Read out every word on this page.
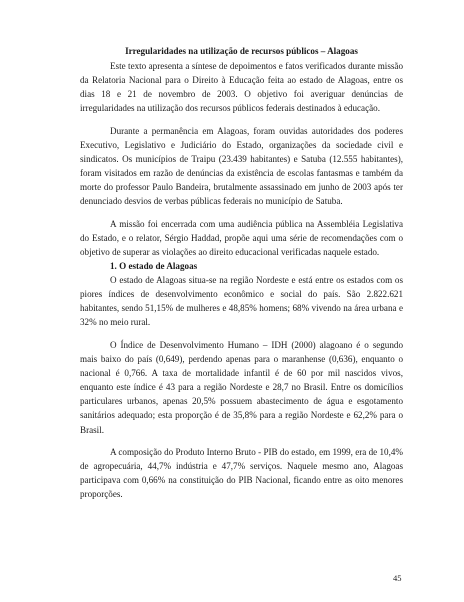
Irregularidades na utilização de recursos públicos – Alagoas

Este texto apresenta a síntese de depoimentos e fatos verificados durante missão da Relatoria Nacional para o Direito à Educação feita ao estado de Alagoas, entre os dias 18 e 21 de novembro de 2003. O objetivo foi averiguar denúncias de irregularidades na utilização dos recursos públicos federais destinados à educação.

Durante a permanência em Alagoas, foram ouvidas autoridades dos poderes Executivo, Legislativo e Judiciário do Estado, organizações da sociedade civil e sindicatos. Os municípios de Traipu (23.439 habitantes) e Satuba (12.555 habitantes), foram visitados em razão de denúncias da existência de escolas fantasmas e também da morte do professor Paulo Bandeira, brutalmente assassinado em junho de 2003 após ter denunciado desvios de verbas públicas federais no município de Satuba.

A missão foi encerrada com uma audiência pública na Assembléia Legislativa do Estado, e o relator, Sérgio Haddad, propõe aqui uma série de recomendações com o objetivo de superar as violações ao direito educacional verificadas naquele estado.

1. O estado de Alagoas

O estado de Alagoas situa-se na região Nordeste e está entre os estados com os piores índices de desenvolvimento econômico e social do país. São 2.822.621 habitantes, sendo 51,15% de mulheres e 48,85% homens; 68% vivendo na área urbana e 32% no meio rural.

O Índice de Desenvolvimento Humano – IDH (2000) alagoano é o segundo mais baixo do país (0,649), perdendo apenas para o maranhense (0,636), enquanto o nacional é 0,766. A taxa de mortalidade infantil é de 60 por mil nascidos vivos, enquanto este índice é 43 para a região Nordeste e 28,7 no Brasil. Entre os domicílios particulares urbanos, apenas 20,5% possuem abastecimento de água e esgotamento sanitários adequado; esta proporção é de 35,8% para a região Nordeste e 62,2% para o Brasil.

A composição do Produto Interno Bruto - PIB do estado, em 1999, era de 10,4% de agropecuária, 44,7% indústria e 47,7% serviços. Naquele mesmo ano, Alagoas participava com 0,66% na constituição do PIB Nacional, ficando entre as oito menores proporções.

45
